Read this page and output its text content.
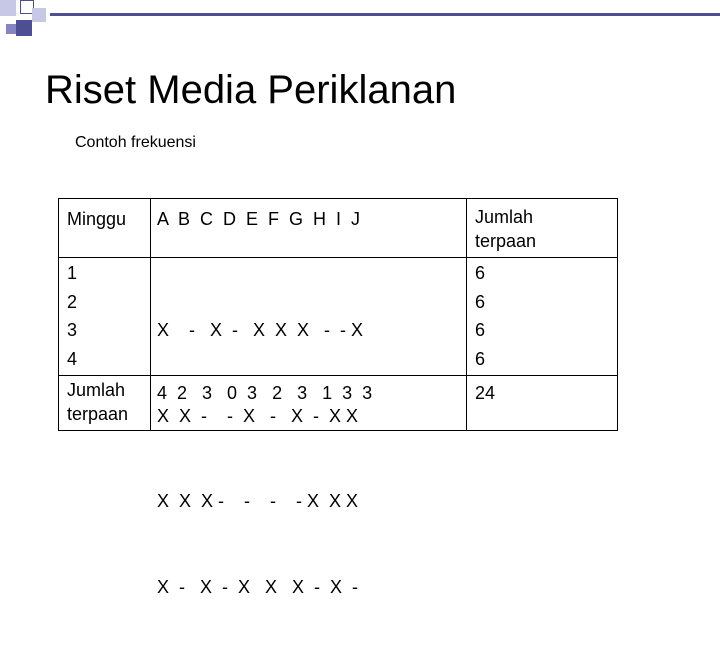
Riset Media Periklanan
Contoh frekuensi
Minggu A  B  C  D  E  F  G  H  I  J	Jumlah
terpaan
1
2
3
4

X    -   X  -   X  X  X   -  - X

X  X  -    -  X   -   X  -  X X

X  X  X -    -    -    - X  X X

X  -   X  -  X   X   X  -  X  -

6
6
6
6
Jumlah
terpaan
4  2   3   0  3   2   3   1  3  3	24
